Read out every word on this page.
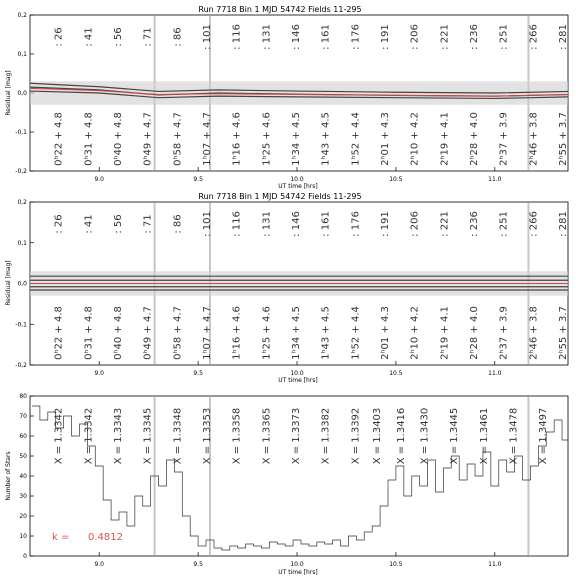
Run 7718 Bin 1 MJD 54742 Fields 11-295
Residual [mag]
UT time [hrs]
9.0	9.5	10.0	10.5	11.0
-0,2
-0,1
0,0
0,1
0,2
: 26 : 41 : 56 : 71 : 86 : 101 : 116 : 131 : 146 : 161 : 176 : 191 : 206 : 221 : 236 : 251 : 266 : 281
0ʰ22 + 4.8 0ʰ31 + 4.8 0ʰ40 + 4.8 0ʰ49 + 4.7 0ʰ58 + 4.7 1ʰ07 + 4.7 1ʰ16 + 4.6 1ʰ25 + 4.6 1ʰ34 + 4.5 1ʰ43 + 4.5 1ʰ52 + 4.4 2ʰ01 + 4.3 2ʰ10 + 4.2 2ʰ19 + 4.1 2ʰ28 + 4.0 2ʰ37 + 3.9 2ʰ46 + 3.8 2ʰ55 + 3.7
Run 7718 Bin 1 MJD 54742 Fields 11-295
Residual [mag]
UT time [hrs]
9.0	9.5	10.0	10.5	11.0
-0,2
-0,1
0,0
0,1
0,2
: 26 : 41 : 56 : 71 : 86 : 101 : 116 : 131 : 146 : 161 : 176 : 191 : 206 : 221 : 236 : 251 : 266 : 281
0ʰ22 + 4.8 0ʰ31 + 4.8 0ʰ40 + 4.8 0ʰ49 + 4.7 0ʰ58 + 4.7 1ʰ07 + 4.7 1ʰ16 + 4.6 1ʰ25 + 4.6 1ʰ34 + 4.5 1ʰ43 + 4.5 1ʰ52 + 4.4 2ʰ01 + 4.3 2ʰ10 + 4.2 2ʰ19 + 4.1 2ʰ28 + 4.0 2ʰ37 + 3.9 2ʰ46 + 3.8 2ʰ55 + 3.7
Number of Stars
UT time [hrs]
k = 0.4812
9.0	9.5	10.0	10.5	11.0
0
10
20
30
40
50
60
70
80
X = 1.3342 X = 1.3342 X = 1.3343 X = 1.3345 X = 1.3348 X = 1.3353 X = 1.3358 X = 1.3365 X = 1.3373 X = 1.3382 X = 1.3392 X = 1.3403 X = 1.3416 X = 1.3430 X = 1.3445 X = 1.3461 X = 1.3478 X = 1.3497
